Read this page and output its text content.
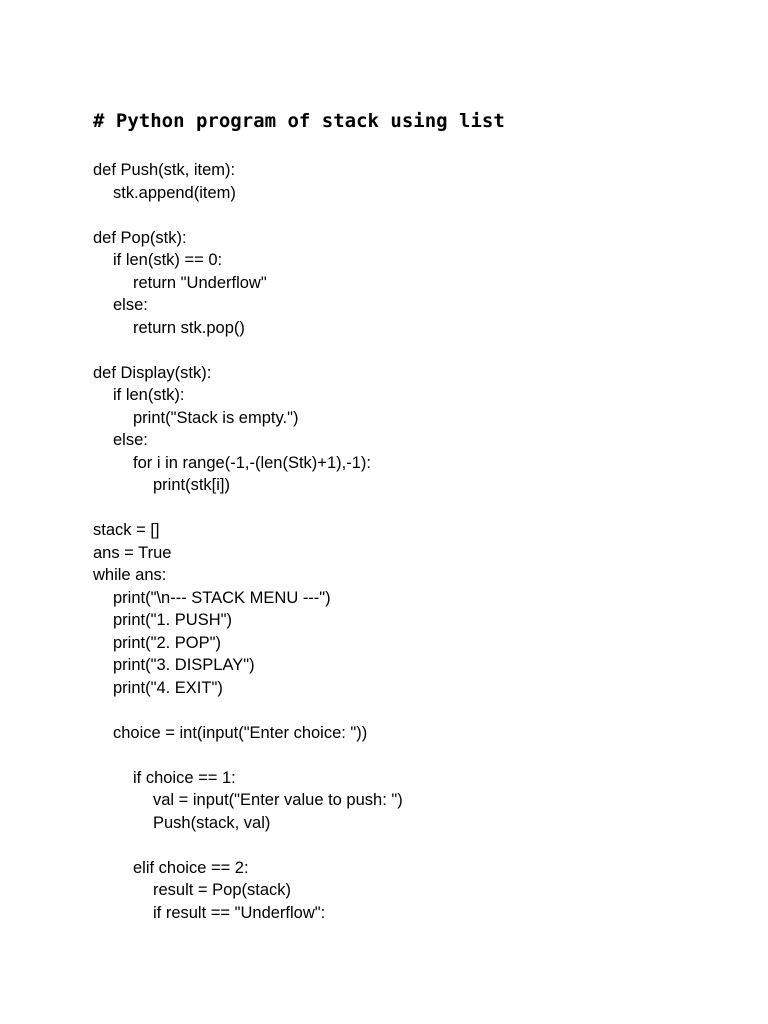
# Python program of stack using list
def Push(stk, item):
stk.append(item)
def Pop(stk):
if len(stk) == 0:
return "Underflow"
else:
return stk.pop()
def Display(stk):
if len(stk):
print("Stack is empty.")
else:
for i in range(-1,-(len(Stk)+1),-1):
print(stk[i])
stack = []
ans = True
while ans:
print("\n--- STACK MENU ---")
print("1. PUSH")
print("2. POP")
print("3. DISPLAY")
print("4. EXIT")
choice = int(input("Enter choice: "))
if choice == 1:
val = input("Enter value to push: ")
Push(stack, val)
elif choice == 2:
result = Pop(stack)
if result == "Underflow":
